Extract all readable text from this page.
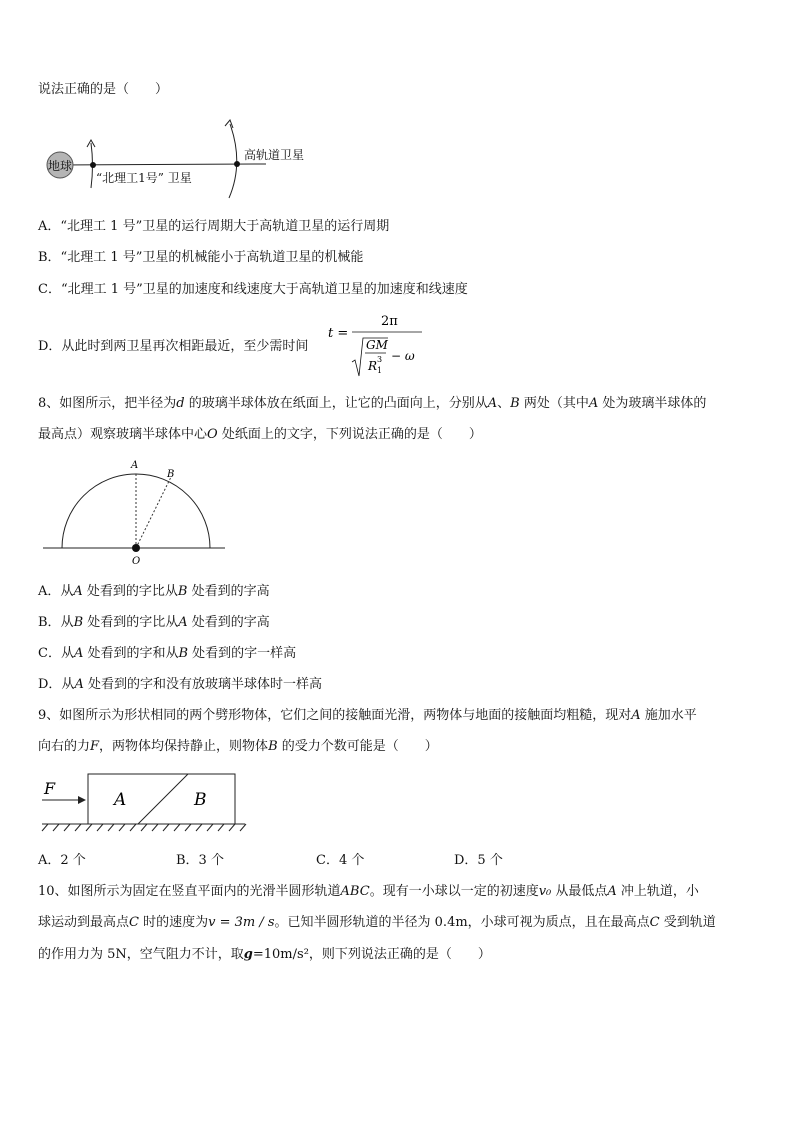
说法正确的是（　　）
地球
“北理工1号” 卫星
高轨道卫星
A．“北理工 1 号”卫星的运行周期大于高轨道卫星的运行周期
B．“北理工 1 号”卫星的机械能小于高轨道卫星的机械能
C．“北理工 1 号”卫星的加速度和线速度大于高轨道卫星的加速度和线速度
D．从此时到两卫星再次相距最近，至少需时间
t =
2π
GM
R 3
1
− ω
8、如图所示，把半径为d 的玻璃半球体放在纸面上，让它的凸面向上，分别从A、B 两处（其中A 处为玻璃半球体的
最高点）观察玻璃半球体中心O 处纸面上的文字，下列说法正确的是（　　）
A
B
O
A．从A 处看到的字比从B 处看到的字高
B．从B 处看到的字比从A 处看到的字高
C．从A 处看到的字和从B 处看到的字一样高
D．从A 处看到的字和没有放玻璃半球体时一样高
9、如图所示为形状相同的两个劈形物体，它们之间的接触面光滑，两物体与地面的接触面均粗糙，现对A 施加水平
向右的力F，两物体均保持静止，则物体B 的受力个数可能是（　　）
F
A	B
A．2 个	B．3 个	C．4 个	D．5 个
10、如图所示为固定在竖直平面内的光滑半圆形轨道ABC。现有一小球以一定的初速度v₀ 从最低点A 冲上轨道，小
球运动到最高点C 时的速度为v = 3m / s。已知半圆形轨道的半径为 0.4m，小球可视为质点，且在最高点C 受到轨道
的作用力为 5N，空气阻力不计，取g=10m/s²，则下列说法正确的是（　　）
